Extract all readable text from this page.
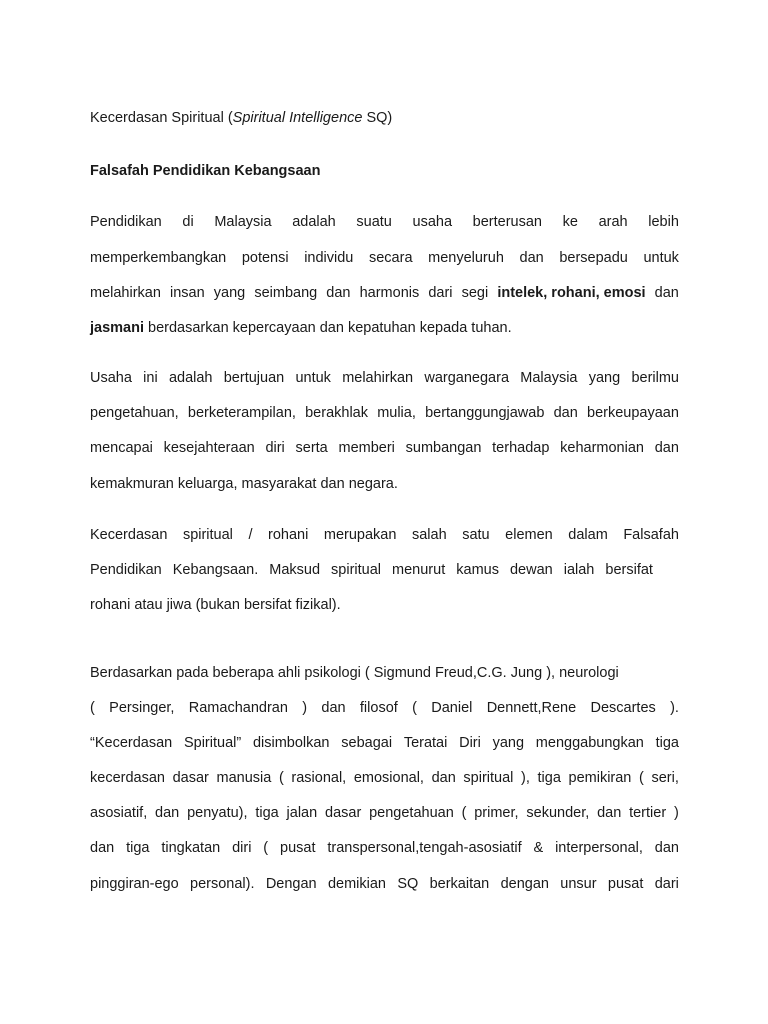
Kecerdasan Spiritual (Spiritual Intelligence SQ)
Falsafah Pendidikan Kebangsaan
Pendidikan di Malaysia adalah suatu usaha berterusan ke arah lebih
memperkembangkan potensi individu secara menyeluruh dan bersepadu untuk
melahirkan insan yang seimbang dan harmonis dari segi intelek, rohani, emosi dan
jasmani berdasarkan kepercayaan dan kepatuhan kepada tuhan.
Usaha ini adalah bertujuan untuk melahirkan warganegara Malaysia yang berilmu
pengetahuan, berketerampilan, berakhlak mulia, bertanggungjawab dan berkeupayaan
mencapai kesejahteraan diri serta memberi sumbangan terhadap keharmonian dan
kemakmuran keluarga, masyarakat dan negara.
Kecerdasan spiritual / rohani merupakan salah satu elemen dalam Falsafah
Pendidikan Kebangsaan. Maksud spiritual menurut kamus dewan ialah bersifat
rohani atau jiwa (bukan bersifat fizikal).
Berdasarkan pada beberapa ahli psikologi ( Sigmund Freud,C.G. Jung ), neurologi
( Persinger, Ramachandran ) dan filosof ( Daniel Dennett,Rene Descartes ).
“Kecerdasan Spiritual” disimbolkan sebagai Teratai Diri yang menggabungkan tiga
kecerdasan dasar manusia ( rasional, emosional, dan spiritual ), tiga pemikiran ( seri,
asosiatif, dan penyatu), tiga jalan dasar pengetahuan ( primer, sekunder, dan tertier )
dan tiga tingkatan diri ( pusat transpersonal,tengah-asosiatif & interpersonal, dan
pinggiran-ego personal). Dengan demikian SQ berkaitan dengan unsur pusat dari
